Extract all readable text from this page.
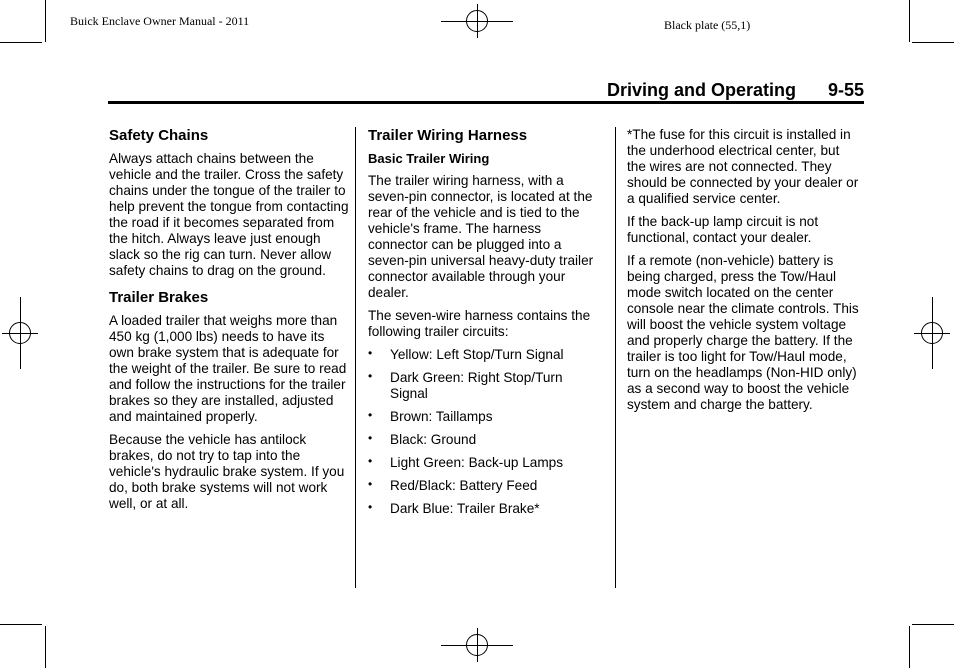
Buick Enclave Owner Manual - 2011	Black plate (55,1)
Driving and Operating 9-55
Safety Chains

Always attach chains between the vehicle and the trailer. Cross the safety chains under the tongue of the trailer to help prevent the tongue from contacting the road if it becomes separated from the hitch. Always leave just enough slack so the rig can turn. Never allow safety chains to drag on the ground.

Trailer Brakes

A loaded trailer that weighs more than 450 kg (1,000 lbs) needs to have its own brake system that is adequate for the weight of the trailer. Be sure to read and follow the instructions for the trailer brakes so they are installed, adjusted and maintained properly.

Because the vehicle has antilock brakes, do not try to tap into the vehicle's hydraulic brake system. If you do, both brake systems will not work well, or at all.

Trailer Wiring Harness
Basic Trailer Wiring

The trailer wiring harness, with a seven-pin connector, is located at the rear of the vehicle and is tied to the vehicle's frame. The harness connector can be plugged into a seven-pin universal heavy-duty trailer connector available through your dealer.

The seven-wire harness contains the following trailer circuits:

• Yellow: Left Stop/Turn Signal
• Dark Green: Right Stop/Turn Signal
• Brown: Taillamps
• Black: Ground
• Light Green: Back-up Lamps
• Red/Black: Battery Feed
• Dark Blue: Trailer Brake*

*The fuse for this circuit is installed in the underhood electrical center, but the wires are not connected. They should be connected by your dealer or a qualified service center.

If the back-up lamp circuit is not functional, contact your dealer.

If a remote (non-vehicle) battery is being charged, press the Tow/Haul mode switch located on the center console near the climate controls. This will boost the vehicle system voltage and properly charge the battery. If the trailer is too light for Tow/Haul mode, turn on the headlamps (Non-HID only) as a second way to boost the vehicle system and charge the battery.
